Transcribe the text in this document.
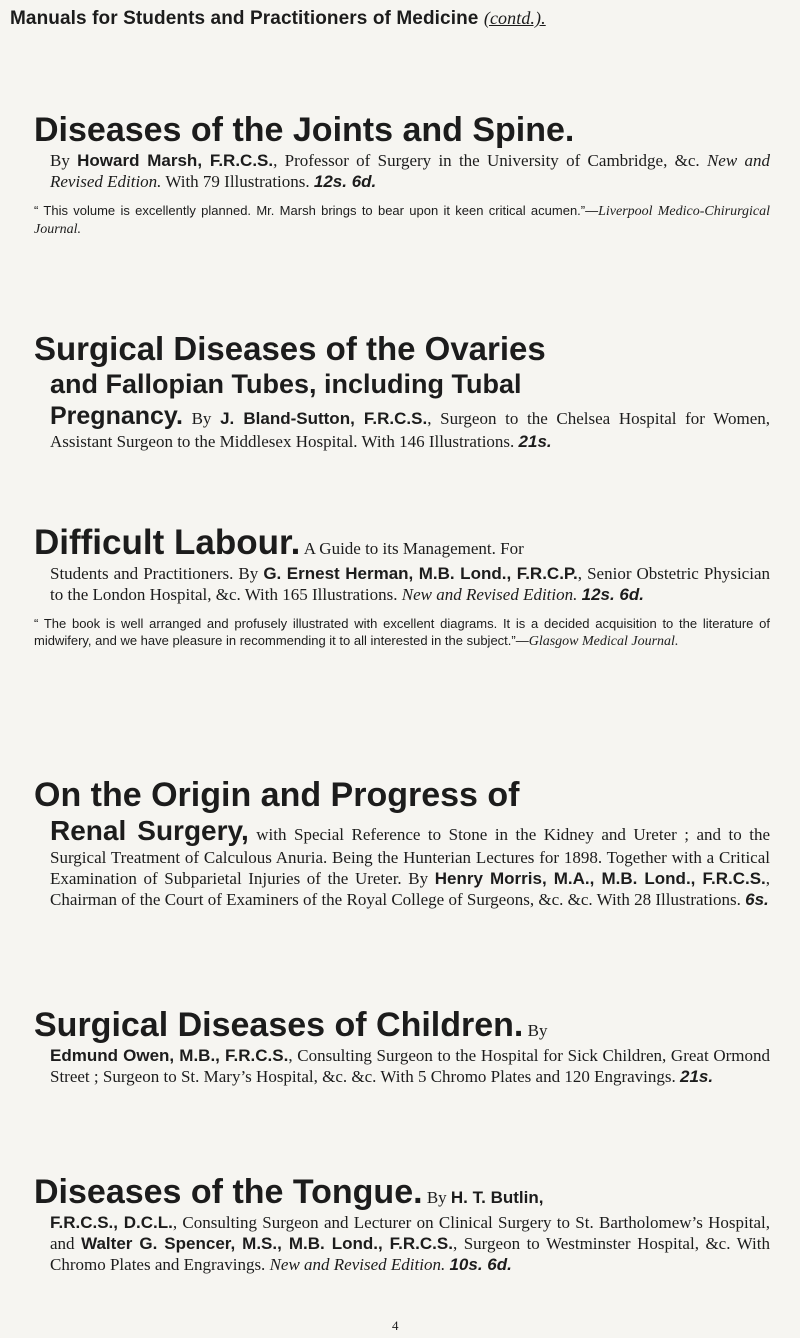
Manuals for Students and Practitioners of Medicine (contd.).
Diseases of the Joints and Spine.

By Howard Marsh, F.R.C.S., Professor of Surgery in the University of Cambridge, &c. New and Revised Edition. With 79 Illustrations. 12s. 6d.

“ This volume is excellently planned. Mr. Marsh brings to bear upon it keen critical acumen.”—Liverpool Medico-Chirurgical Journal.
Surgical Diseases of the Ovaries
and Fallopian Tubes, including Tubal

Pregnancy. By J. Bland-Sutton, F.R.C.S., Surgeon to the Chelsea Hospital for Women, Assistant Surgeon to the Middlesex Hospital. With 146 Illustrations. 21s.

Difficult Labour. A Guide to its Management. For

Students and Practitioners. By G. Ernest Herman, M.B. Lond., F.R.C.P., Senior Obstetric Physician to the London Hospital, &c. With 165 Illustrations. New and Revised Edition. 12s. 6d.

“ The book is well arranged and profusely illustrated with excellent diagrams. It is a decided acquisition to the literature of midwifery, and we have pleasure in recommending it to all interested in the subject.”—Glasgow Medical Journal.
On the Origin and Progress of

Renal Surgery, with Special Reference to Stone in the Kidney and Ureter ; and to the Surgical Treatment of Calculous Anuria. Being the Hunterian Lectures for 1898. Together with a Critical Examination of Subparietal Injuries of the Ureter. By Henry Morris, M.A., M.B. Lond., F.R.C.S., Chairman of the Court of Examiners of the Royal College of Surgeons, &c. &c. With 28 Illustrations. 6s.

Surgical Diseases of Children. By

Edmund Owen, M.B., F.R.C.S., Consulting Surgeon to the Hospital for Sick Children, Great Ormond Street ; Surgeon to St. Mary’s Hospital, &c. &c. With 5 Chromo Plates and 120 Engravings. 21s.

Diseases of the Tongue. By H. T. Butlin,

F.R.C.S., D.C.L., Consulting Surgeon and Lecturer on Clinical Surgery to St. Bartholomew’s Hospital, and Walter G. Spencer, M.S., M.B. Lond., F.R.C.S., Surgeon to Westminster Hospital, &c. With Chromo Plates and Engravings. New and Revised Edition. 10s. 6d.

4
